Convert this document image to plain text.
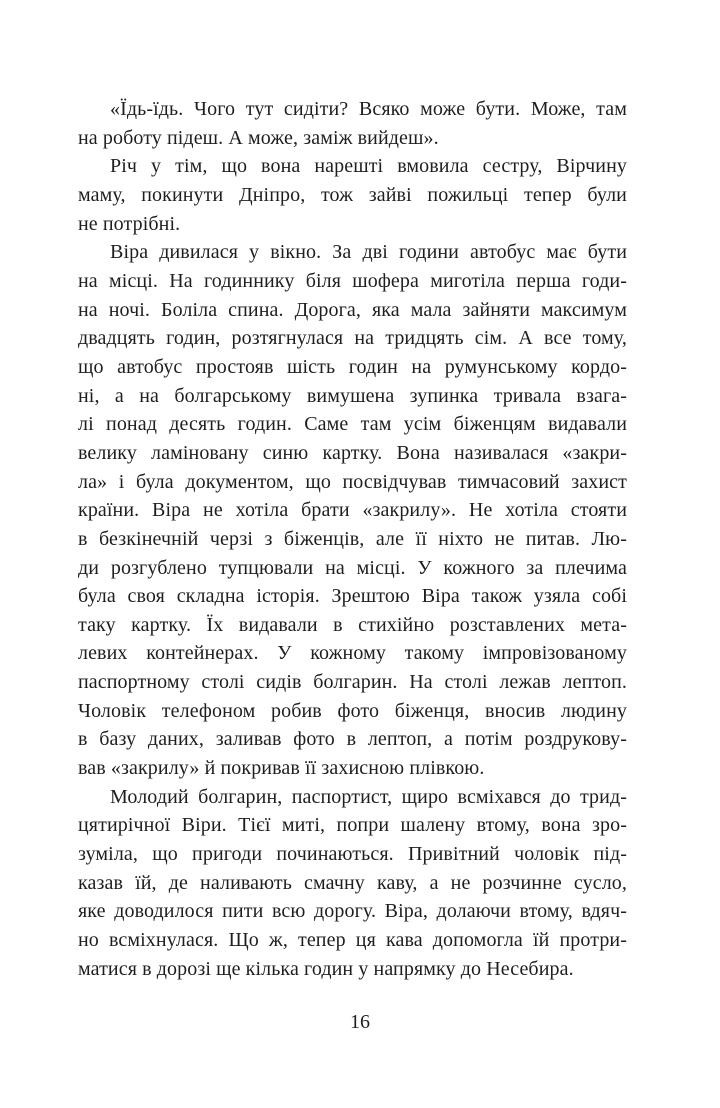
«Їдь-їдь. Чого тут сидіти? Всяко може бути. Може, там
на роботу підеш. А може, заміж вийдеш».
Річ у тім, що вона нарешті вмовила сестру, Вірчину
маму, покинути Дніпро, тож зайві пожильці тепер були
не потрібні.
Віра дивилася у вікно. За дві години автобус має бути
на місці. На годиннику біля шофера миготіла перша годи-
на ночі. Боліла спина. Дорога, яка мала зайняти максимум
двадцять годин, розтягнулася на тридцять сім. А все тому,
що автобус простояв шість годин на румунському кордо-
ні, а на болгарському вимушена зупинка тривала взага-
лі понад десять годин. Саме там усім біженцям видавали
велику ламіновану синю картку. Вона називалася «закри-
ла» і була документом, що посвідчував тимчасовий захист
країни. Віра не хотіла брати «закрилу». Не хотіла стояти
в безкінечній черзі з біженців, але її ніхто не питав. Лю-
ди розгублено тупцювали на місці. У кожного за плечима
була своя складна історія. Зрештою Віра також узяла собі
таку картку. Їх видавали в стихійно розставлених мета-
левих контейнерах. У кожному такому імпровізованому
паспортному столі сидів болгарин. На столі лежав лептоп.
Чоловік телефоном робив фото біженця, вносив людину
в базу даних, заливав фото в лептоп, а потім роздрукову-
вав «закрилу» й покривав її захисною плівкою.
Молодий болгарин, паспортист, щиро всміхався до трид-
цятирічної Віри. Тієї миті, попри шалену втому, вона зро-
зуміла, що пригоди починаються. Привітний чоловік під-
казав їй, де наливають смачну каву, а не розчинне сусло,
яке доводилося пити всю дорогу. Віра, долаючи втому, вдяч-
но всміхнулася. Що ж, тепер ця кава допомогла їй протри-
матися в дорозі ще кілька годин у напрямку до Несебира.
16
